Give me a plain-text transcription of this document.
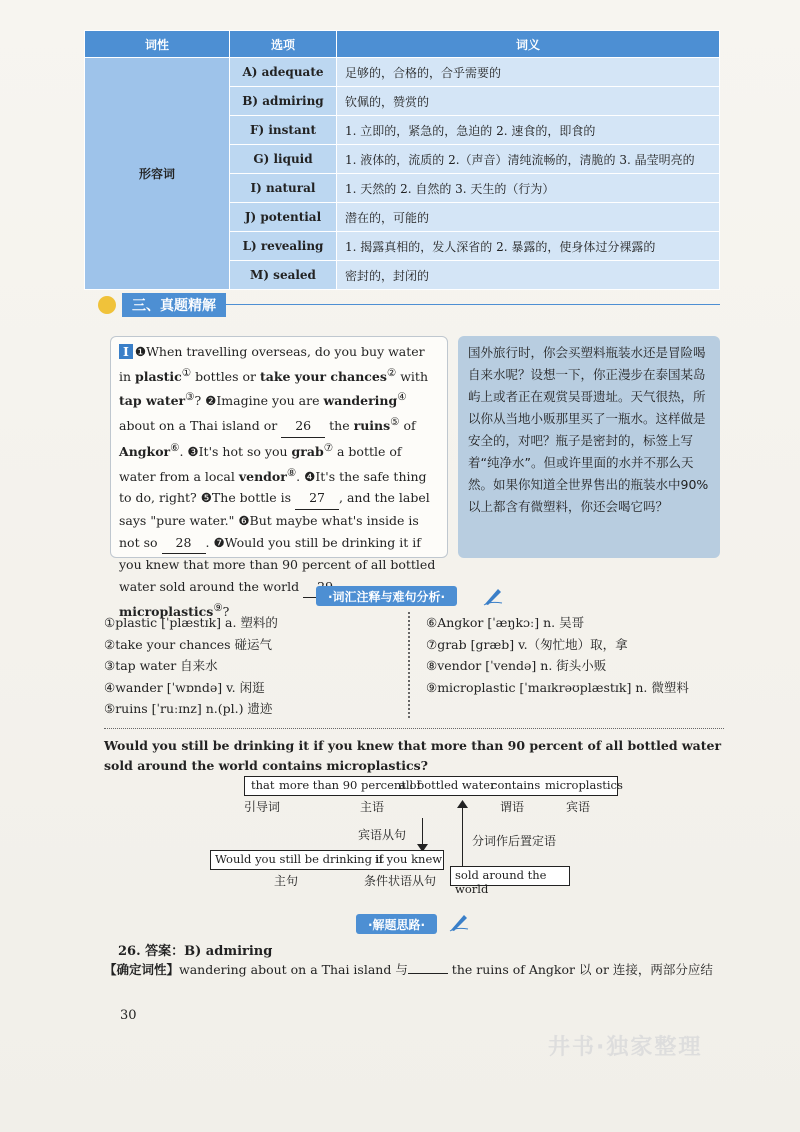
词性	选项	词义
形容词	A) adequate	足够的，合格的，合乎需要的
	B) admiring	钦佩的，赞赏的
	F) instant	1. 立即的，紧急的，急迫的 2. 速食的，即食的
	G) liquid	1. 液体的，流质的 2.（声音）清纯流畅的，清脆的 3. 晶莹明亮的
	I) natural	1. 天然的 2. 自然的 3. 天生的（行为）
	J) potential	潜在的，可能的
	L) revealing	1. 揭露真相的，发人深省的 2. 暴露的，使身体过分裸露的
	M) sealed	密封的，封闭的
三、真题精解
I ❶When travelling overseas, do you buy water in plastic① bottles or take your chances② with tap water③? ❷Imagine you are wandering④ about on a Thai island or 26 the ruins⑤ of Angkor⑥. ❸It's hot so you grab⑦ a bottle of water from a local vendor⑧. ❹It's the safe thing to do, right? ❺The bottle is 27 , and the label says "pure water." ❻But maybe what's inside is not so 28 . ❼Would you still be drinking it if you knew that more than 90 percent of all bottled water sold around the world  microplastics⑨?
国外旅行时，你会买塑料瓶装水还是冒险喝自来水呢？设想一下，你正漫步在泰国某岛屿上或者正在观赏吴哥遗址。天气很热，所以你从当地小贩那里买了一瓶水。这样做是安全的，对吧？瓶子是密封的，标签上写着“纯净水”。但或许里面的水并不那么天然。如果你知道全世界售出的瓶装水中90%以上都含有微塑料，你还会喝它吗？
·词汇注释与难句分析·
①plastic [ˈplæstɪk] a. 塑料的
②take your chances 碰运气
③tap water 自来水
④wander [ˈwɒndə] v. 闲逛
⑤ruins [ˈruːɪnz] n.(pl.) 遗迹
⑥Angkor [ˈæŋkɔː] n. 吴哥
⑦grab [græb] v.（匆忙地）取，拿
⑧vendor [ˈvendə] n. 街头小贩
⑨microplastic [ˈmaɪkrəʊplæstɪk] n. 微塑料
Would you still be drinking it if you knew that more than 90 percent of all bottled water sold around the world contains microplastics?
that more than 90 percent of
all bottled water
contains microplastics
引导词	主语	谓语	宾语
宾语从句	分词作后置定语
Would you still be drinking it
if you knew
主句	条件状语从句 sold around the world
·解题思路·
26. 答案：B) admiring
【确定词性】wandering about on a Thai island 与	the ruins of Angkor 以 or 连接，两部分应结
30
井书·独家整理
